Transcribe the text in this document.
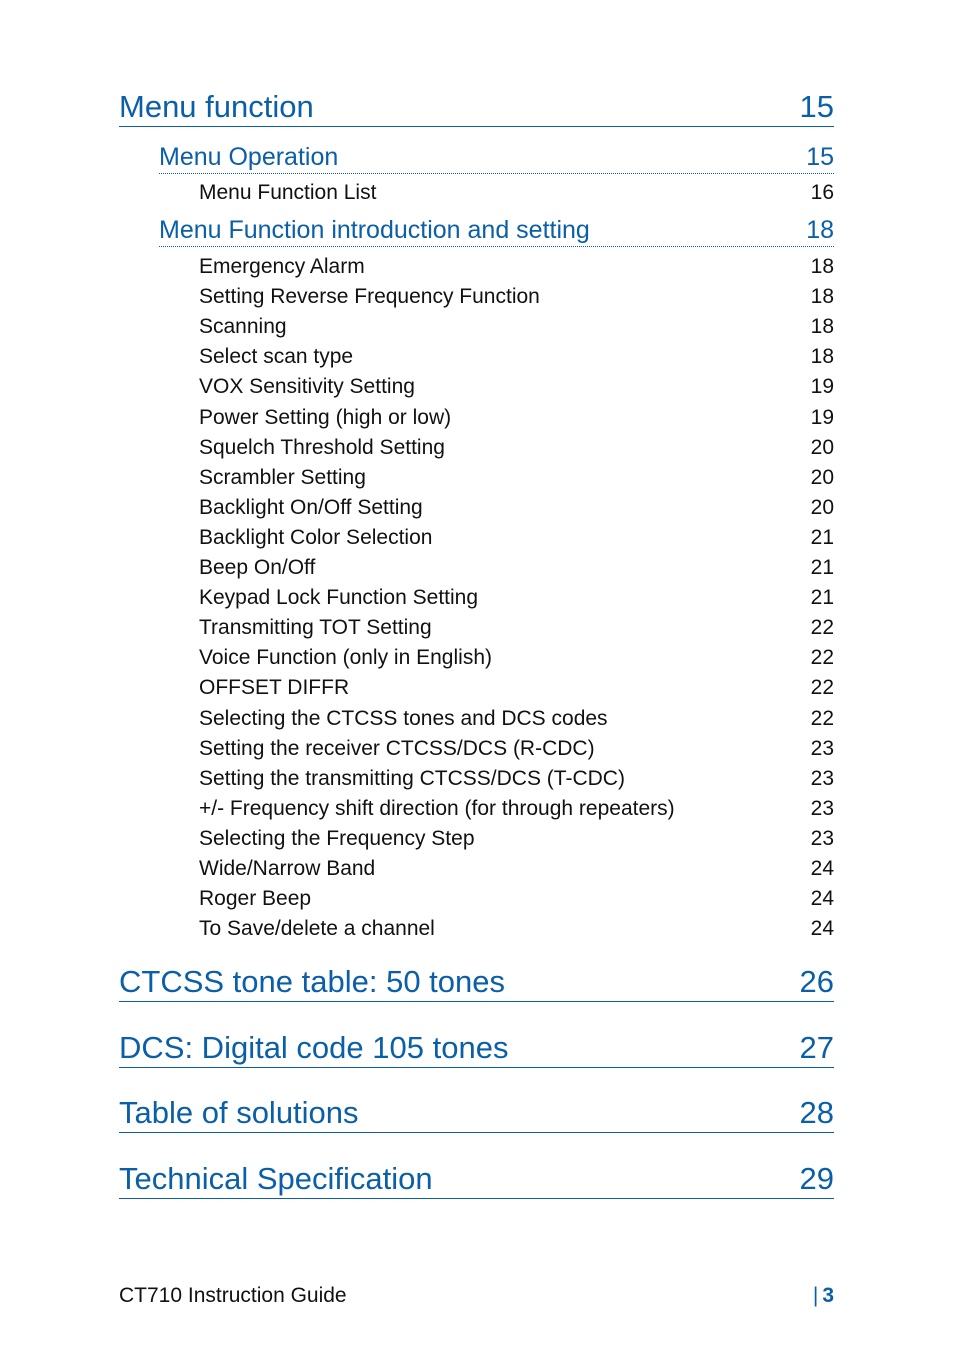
Menu function	15
Menu Operation	15
Menu Function List	16
Menu Function introduction and setting	18
Emergency Alarm	18
Setting Reverse Frequency Function	18
Scanning	18
Select scan type	18
VOX Sensitivity Setting	19
Power Setting (high or low)	19
Squelch Threshold Setting	20
Scrambler Setting	20
Backlight On/Off Setting	20
Backlight Color Selection	21
Beep On/Off	21
Keypad Lock Function Setting	21
Transmitting TOT Setting	22
Voice Function (only in English)	22
OFFSET DIFFR	22
Selecting the CTCSS tones and DCS codes	22
Setting the receiver CTCSS/DCS (R-CDC)	23
Setting the transmitting CTCSS/DCS (T-CDC)	23
+/- Frequency shift direction (for through repeaters)	23
Selecting the Frequency Step	23
Wide/Narrow Band	24
Roger Beep	24
To Save/delete a channel	24
CTCSS tone table: 50 tones	26
DCS: Digital code 105 tones	27
Table of solutions	28
Technical Specification	29
CT710 Instruction Guide	| 3
